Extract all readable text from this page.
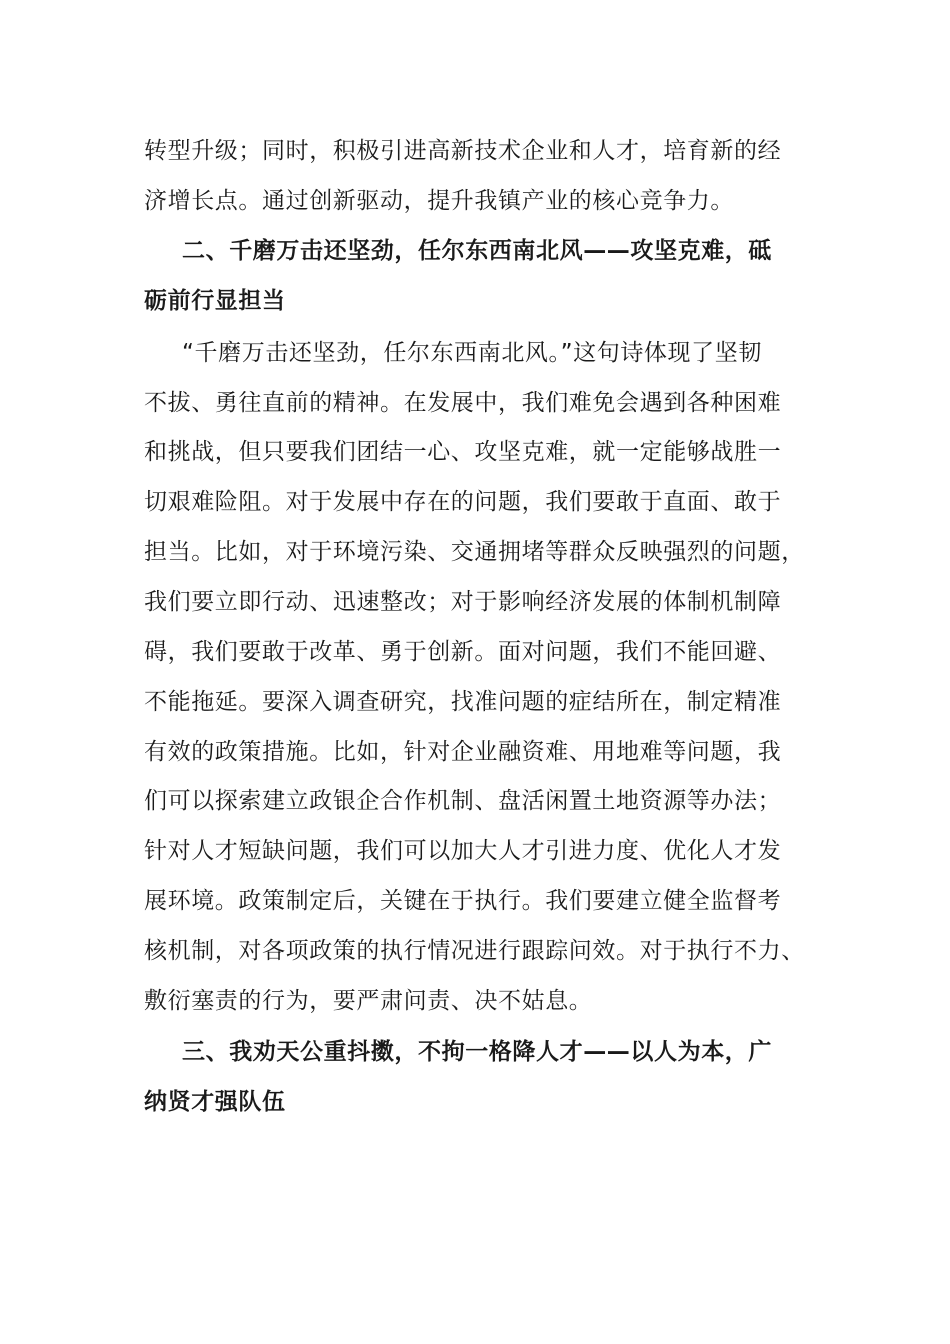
转型升级；同时，积极引进高新技术企业和人才，培育新的经
济增长点。通过创新驱动，提升我镇产业的核心竞争力。
二、千磨万击还坚劲，任尔东西南北风——攻坚克难，砥
砺前行显担当
“千磨万击还坚劲，任尔东西南北风。”这句诗体现了坚韧
不拔、勇往直前的精神。在发展中，我们难免会遇到各种困难
和挑战，但只要我们团结一心、攻坚克难，就一定能够战胜一
切艰难险阻。对于发展中存在的问题，我们要敢于直面、敢于
担当。比如，对于环境污染、交通拥堵等群众反映强烈的问题，
我们要立即行动、迅速整改；对于影响经济发展的体制机制障
碍，我们要敢于改革、勇于创新。面对问题，我们不能回避、
不能拖延。要深入调查研究，找准问题的症结所在，制定精准
有效的政策措施。比如，针对企业融资难、用地难等问题，我
们可以探索建立政银企合作机制、盘活闲置土地资源等办法；
针对人才短缺问题，我们可以加大人才引进力度、优化人才发
展环境。政策制定后，关键在于执行。我们要建立健全监督考
核机制，对各项政策的执行情况进行跟踪问效。对于执行不力、
敷衍塞责的行为，要严肃问责、决不姑息。
三、我劝天公重抖擞，不拘一格降人才——以人为本，广
纳贤才强队伍
